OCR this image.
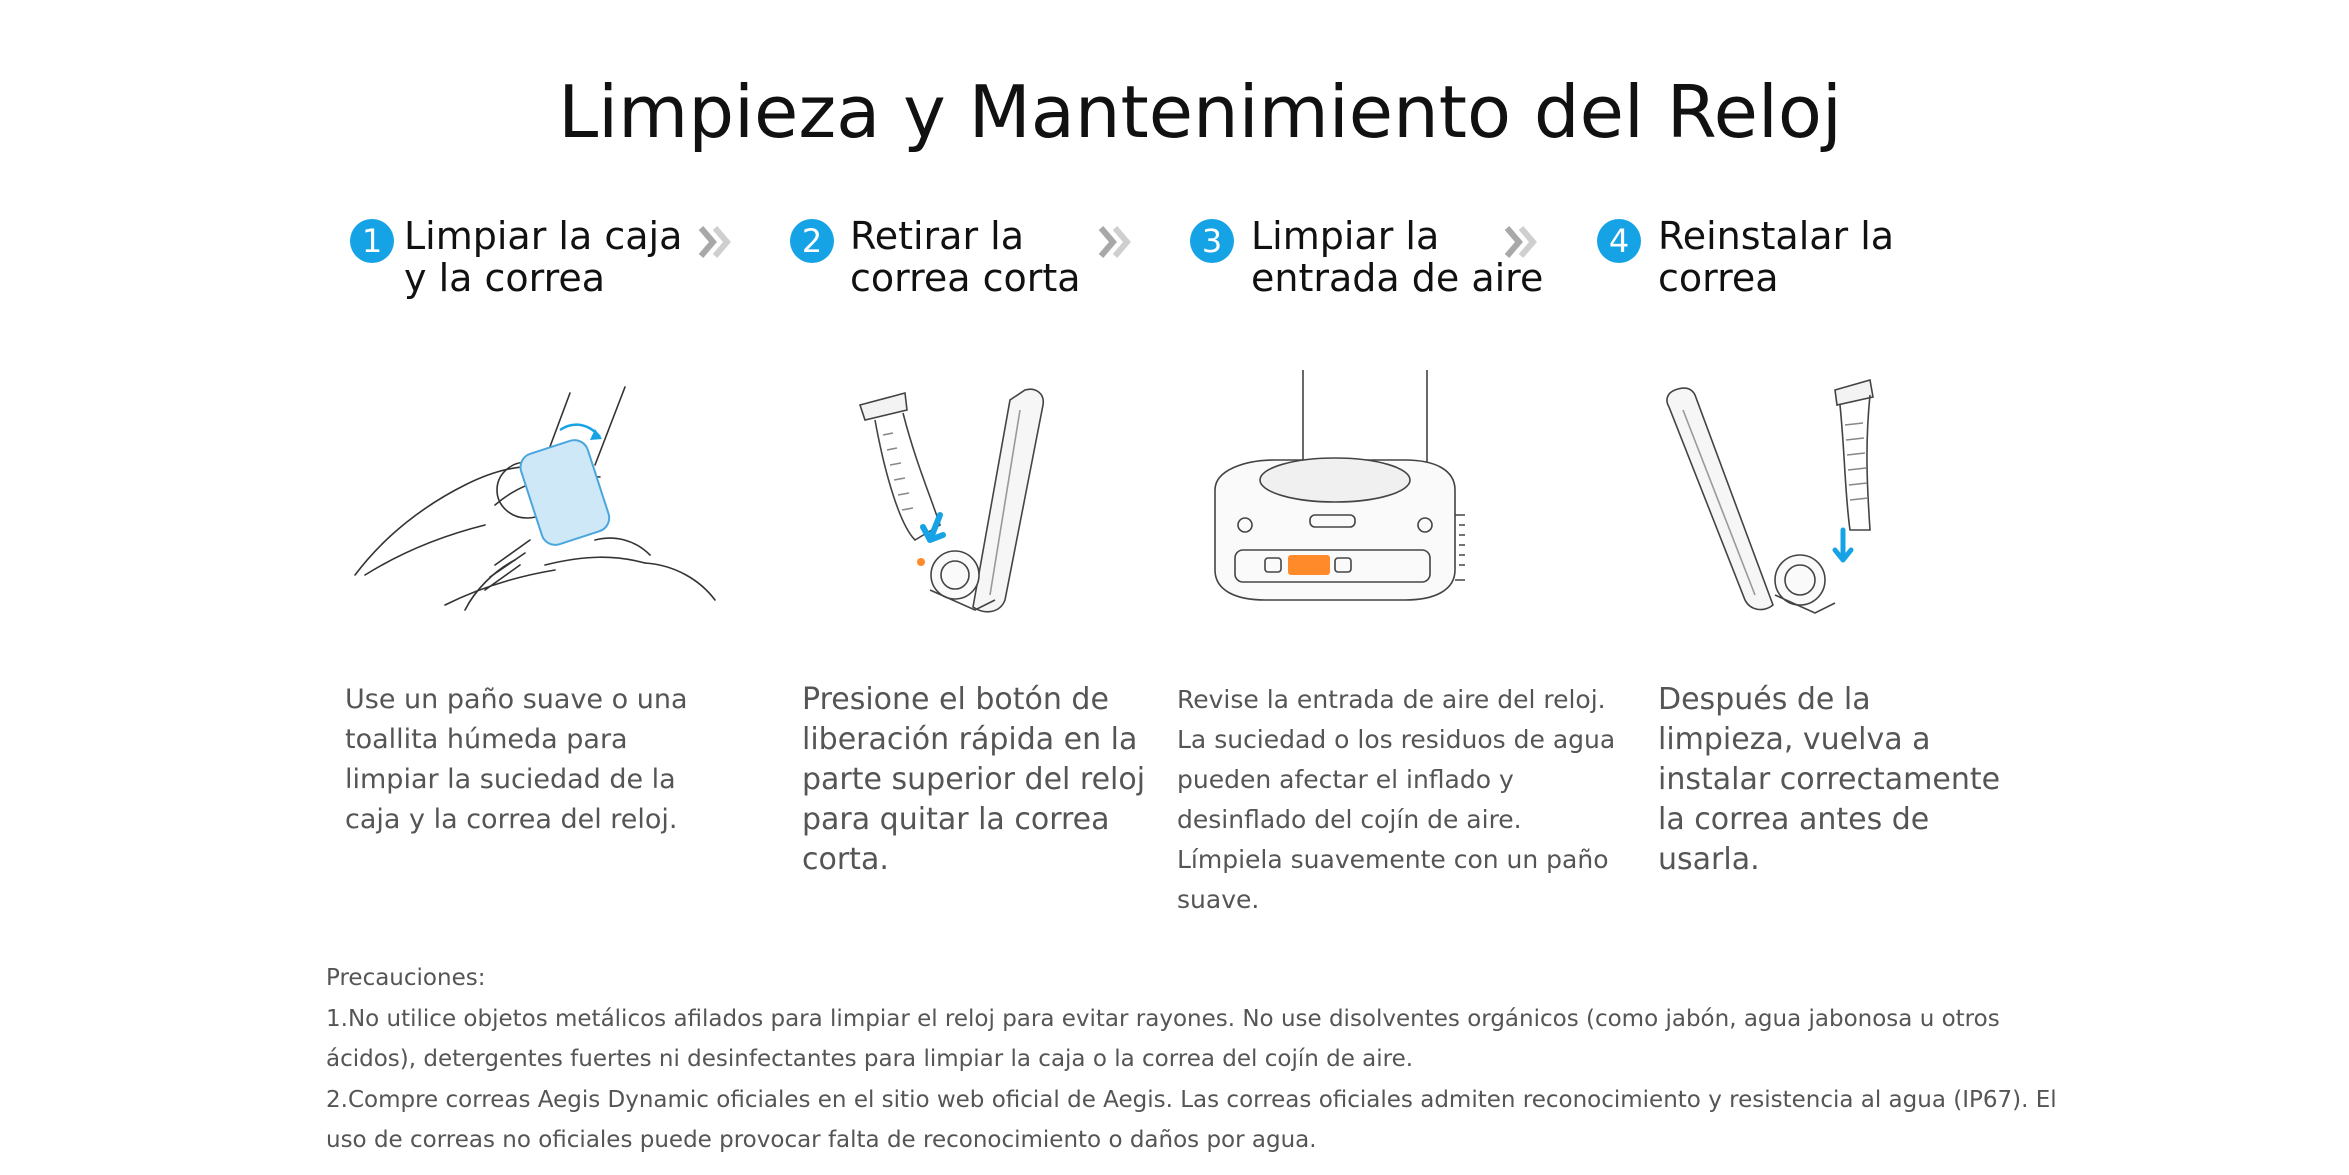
Limpieza y Mantenimiento del Reloj
1 Limpiar la caja
y la correa
2 Retirar la
correa corta
3 Limpiar la
entrada de aire
4 Reinstalar la
correa

Use un paño suave o una toallita húmeda para limpiar la suciedad de la caja y la correa del reloj.

Presione el botón de liberación rápida en la parte superior del reloj para quitar la correa corta.

Revise la entrada de aire del reloj. La suciedad o los residuos de agua pueden afectar el inflado y desinflado del cojín de aire. Límpiela suavemente con un paño suave.

Después de la limpieza, vuelva a instalar correctamente la correa antes de usarla.

Precauciones:

1.No utilice objetos metálicos afilados para limpiar el reloj para evitar rayones. No use disolventes orgánicos (como jabón, agua jabonosa u otros ácidos), detergentes fuertes ni desinfectantes para limpiar la caja o la correa del cojín de aire.

2.Compre correas Aegis Dynamic oficiales en el sitio web oficial de Aegis. Las correas oficiales admiten reconocimiento y resistencia al agua (IP67). El uso de correas no oficiales puede provocar falta de reconocimiento o daños por agua.
